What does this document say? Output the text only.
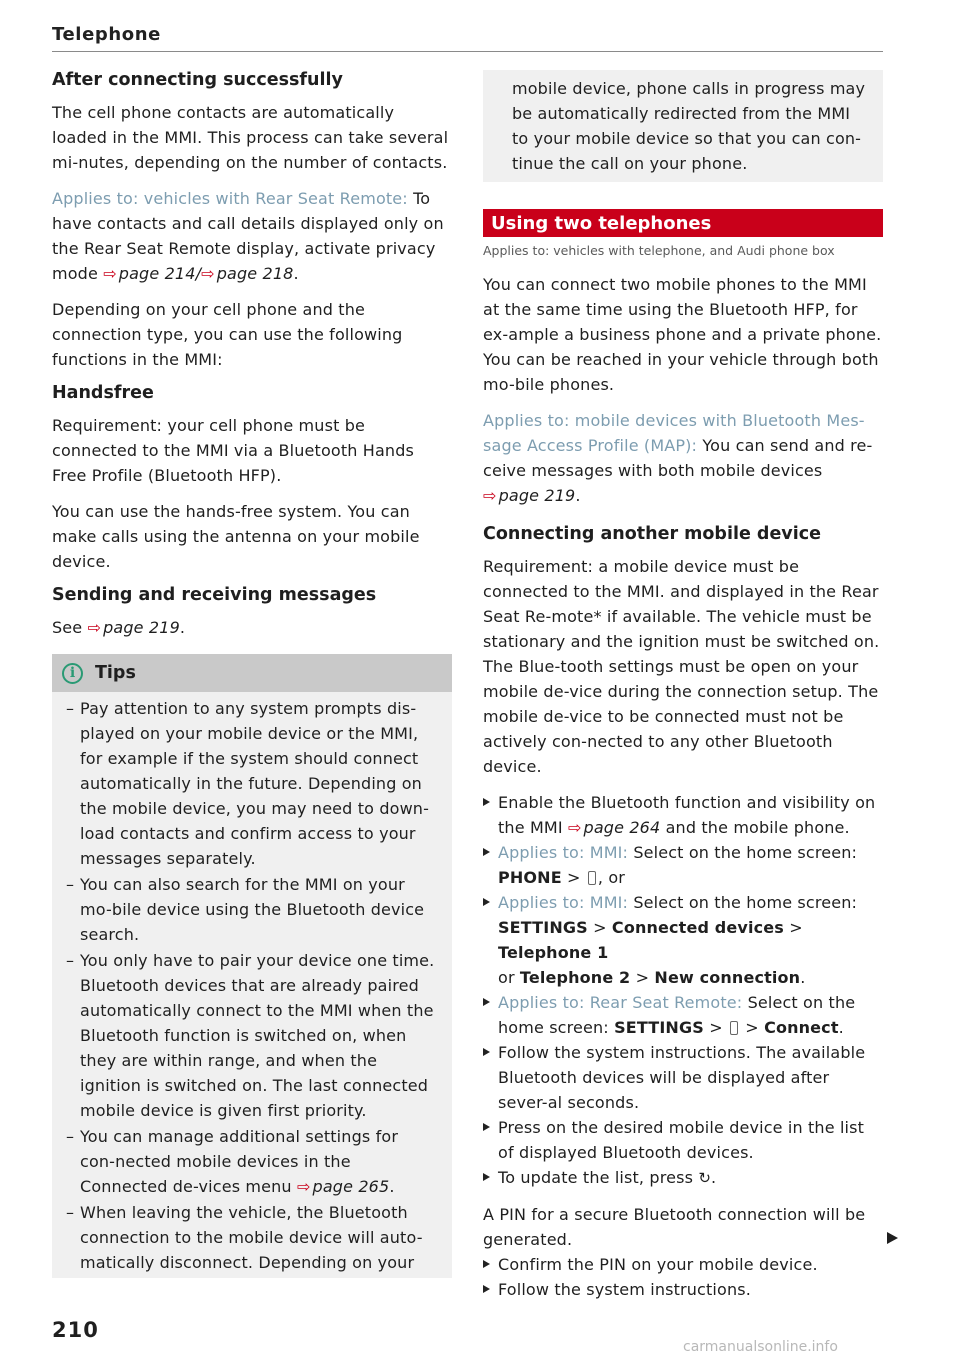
Telephone
After connecting successfully

The cell phone contacts are automatically loaded in the MMI. This process can take several mi-nutes, depending on the number of contacts.

Applies to: vehicles with Rear Seat Remote: To have contacts and call details displayed only on the Rear Seat Remote display, activate privacy mode ⇨ page 214/⇨ page 218.

Depending on your cell phone and the connection type, you can use the following functions in the MMI:

Handsfree

Requirement: your cell phone must be connected to the MMI via a Bluetooth Hands Free Profile (Bluetooth HFP).

You can use the hands-free system. You can make calls using the antenna on your mobile device.

Sending and receiving messages

See ⇨ page 219.

i	Tips
– Pay attention to any system prompts dis-played on your mobile device or the MMI, for example if the system should connect automatically in the future. Depending on the mobile device, you may need to down-load contacts and confirm access to your messages separately.
– You can also search for the MMI on your mo-bile device using the Bluetooth device search.
– You only have to pair your device one time. Bluetooth devices that are already paired automatically connect to the MMI when the Bluetooth function is switched on, when they are within range, and when the ignition is switched on. The last connected mobile device is given first priority.
– You can manage additional settings for con-nected mobile devices in the Connected de-vices menu ⇨ page 265.
– When leaving the vehicle, the Bluetooth connection to the mobile device will auto-matically disconnect. Depending on your
mobile device, phone calls in progress may be automatically redirected from the MMI to your mobile device so that you can con-tinue the call on your phone.
Using two telephones
Applies to: vehicles with telephone, and Audi phone box

You can connect two mobile phones to the MMI at the same time using the Bluetooth HFP, for ex-ample a business phone and a private phone. You can be reached in your vehicle through both mo-bile phones.

Applies to: mobile devices with Bluetooth Mes-sage Access Profile (MAP): You can send and re-ceive messages with both mobile devices
⇨ page 219.

Connecting another mobile device

Requirement: a mobile device must be connected to the MMI. and displayed in the Rear Seat Re-mote* if available. The vehicle must be stationary and the ignition must be switched on. The Blue-tooth settings must be open on your mobile de-vice during the connection setup. The mobile de-vice to be connected must not be actively con-nected to any other Bluetooth device.

Enable the Bluetooth function and visibility on the MMI ⇨ page 264 and the mobile phone.
Applies to: MMI: Select on the home screen:
PHONE > , or
Applies to: MMI: Select on the home screen:
SETTINGS > Connected devices > Telephone 1
or Telephone 2 > New connection.
Applies to: Rear Seat Remote: Select on the home screen: SETTINGS > > Connect.
Follow the system instructions. The available Bluetooth devices will be displayed after sever-al seconds.
Press on the desired mobile device in the list of displayed Bluetooth devices.
To update the list, press ↻.

A PIN for a secure Bluetooth connection will be generated.

Confirm the PIN on your mobile device.
Follow the system instructions.
210
carmanualsonline.info
